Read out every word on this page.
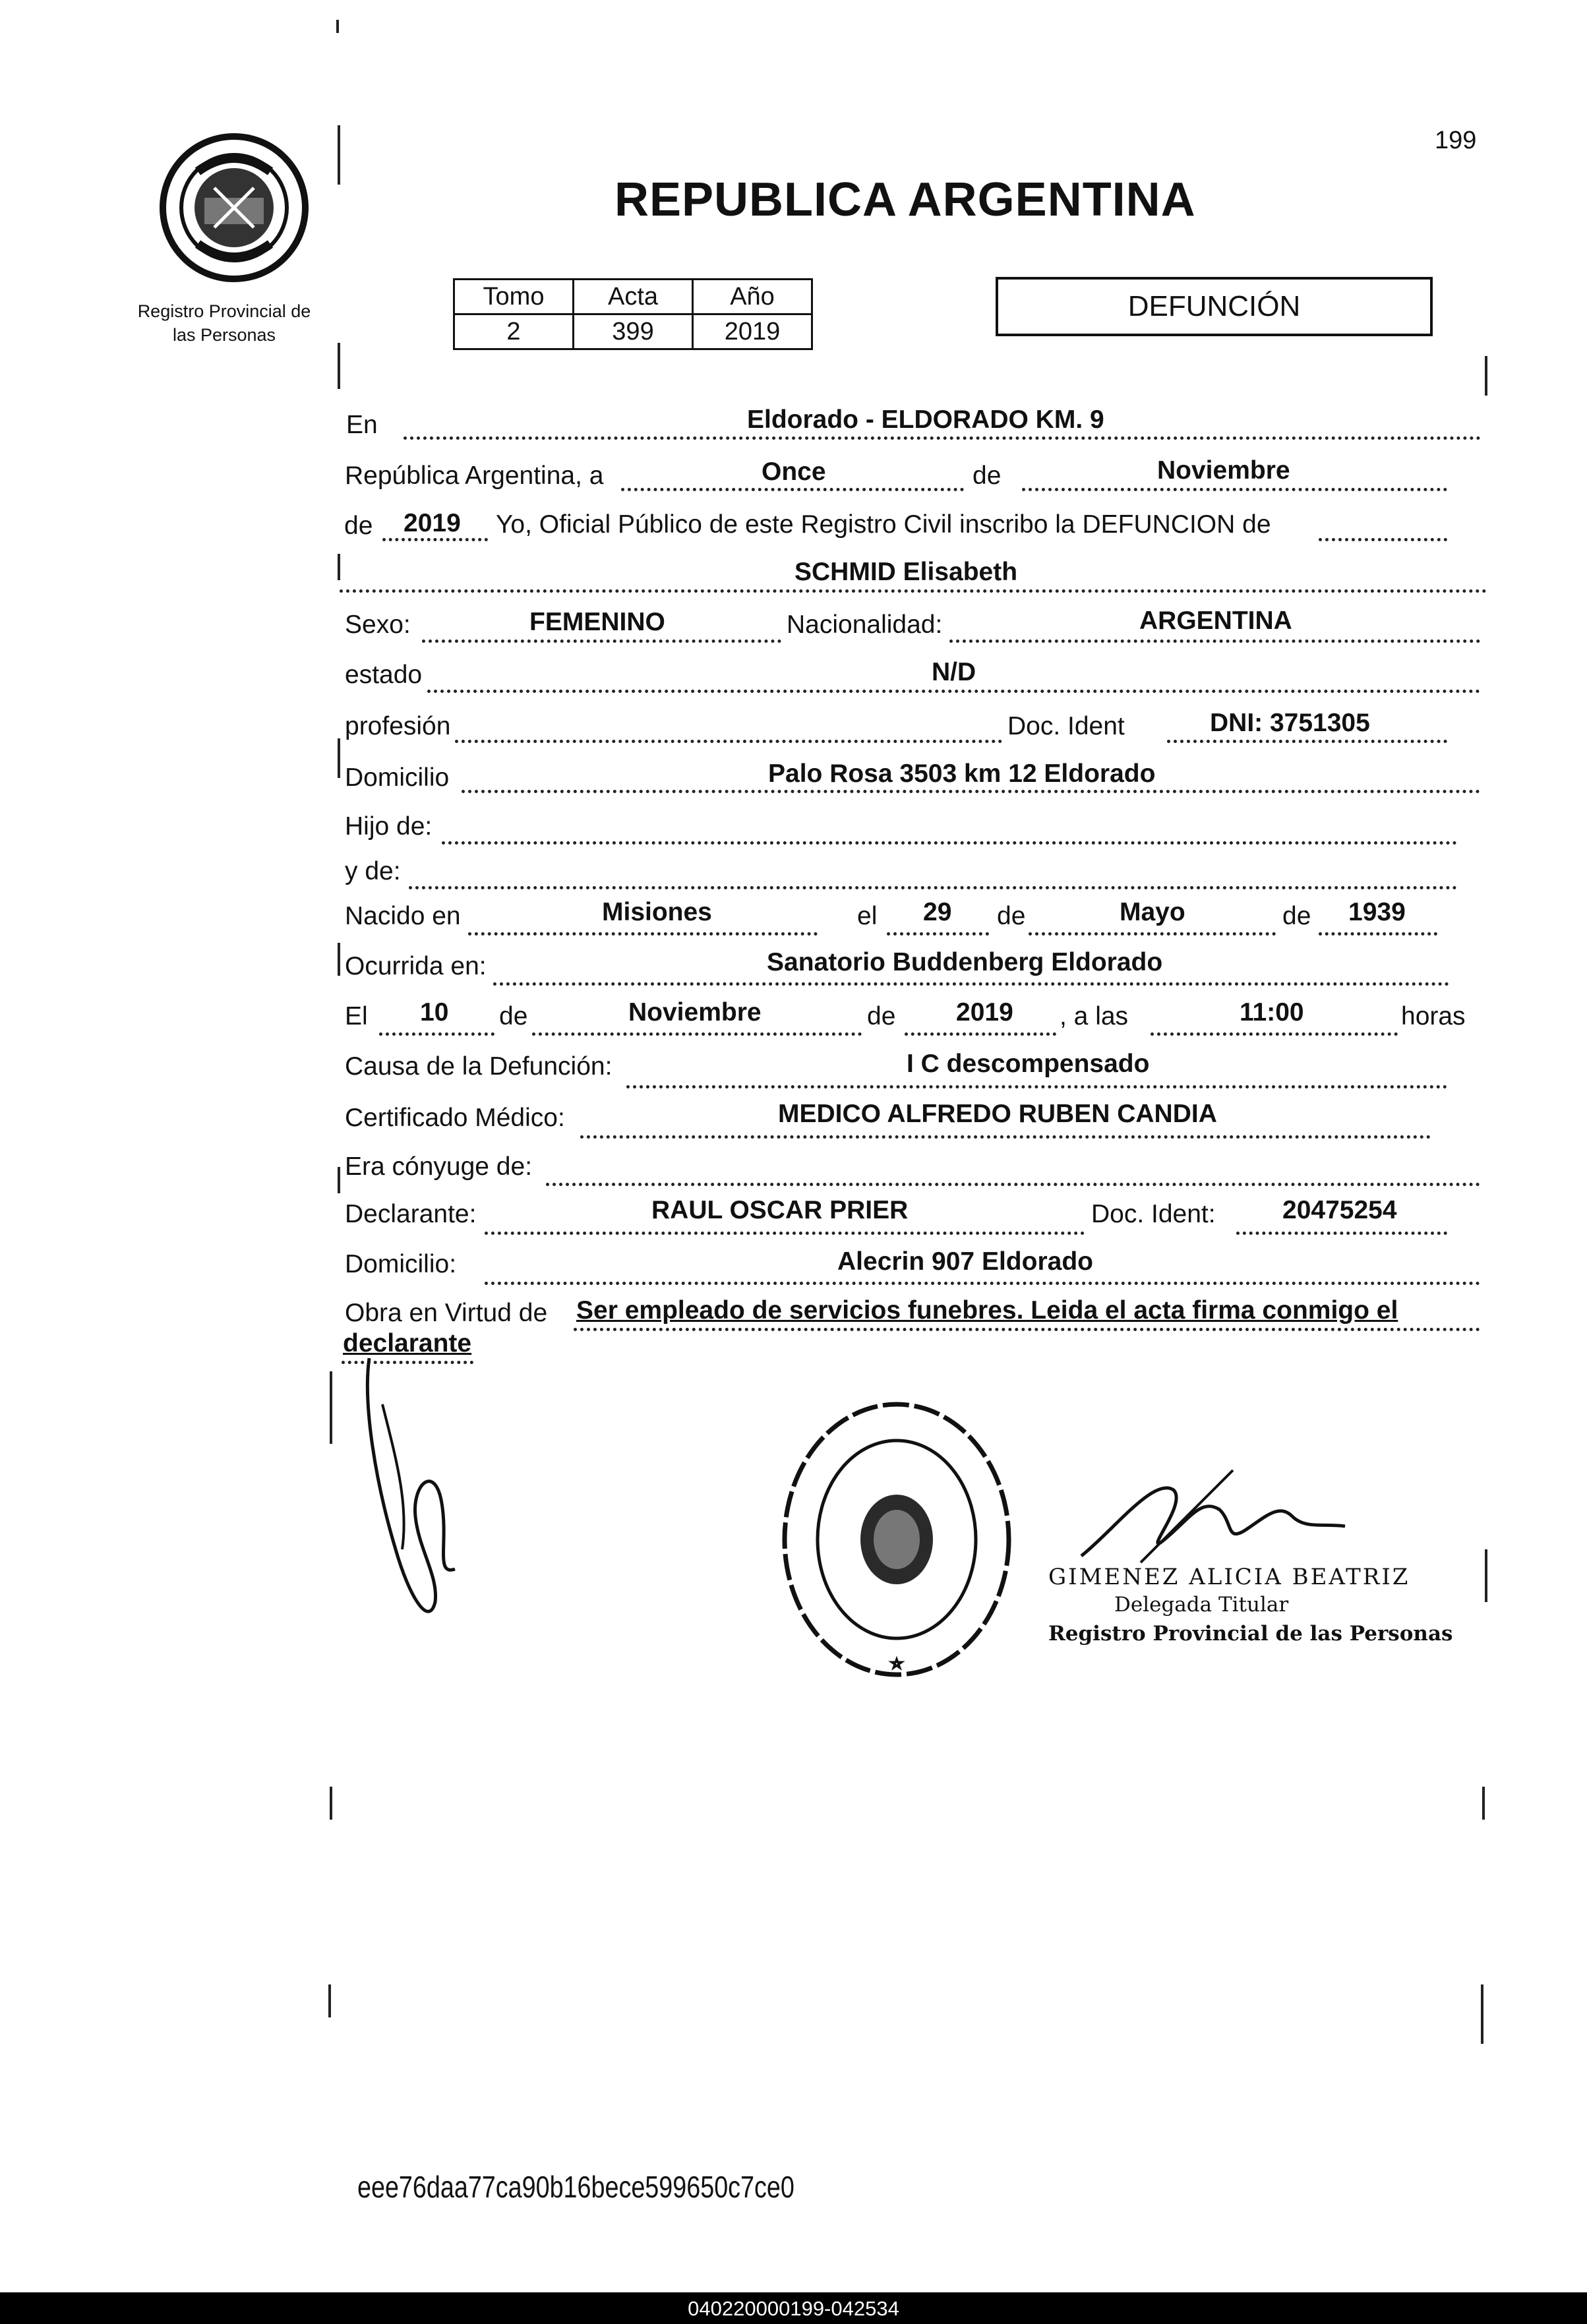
199
Registro Provincial de
las Personas
REPUBLICA ARGENTINA
Tomo	Acta	Año
2	399	2019
DEFUNCIÓN
En	Eldorado - ELDORADO KM. 9
República Argentina, a	Once	de	Noviembre
de 2019 Yo, Oficial Público de este Registro Civil inscribo la DEFUNCION de
SCHMID Elisabeth
Sexo:	FEMENINO	Nacionalidad:	ARGENTINA
estado	N/D
profesión	Doc. Ident	DNI: 3751305
Domicilio	Palo Rosa 3503 km 12 Eldorado
Hijo de:
y de:
Nacido en	Misiones	el 29 de	Mayo	de 1939
Ocurrida en:	Sanatorio Buddenberg Eldorado
El 10 de	Noviembre	de 2019 , a las	11:00	horas
Causa de la Defunción:	I C descompensado
Certificado Médico:	MEDICO ALFREDO RUBEN CANDIA
Era cónyuge de:
Declarante:	RAUL OSCAR PRIER	Doc. Ident:	20475254
Domicilio:	Alecrin 907 Eldorado
Obra en Virtud de Ser empleado de servicios funebres. Leida el acta firma conmigo el
declarante
GIMENEZ ALICIA BEATRIZ
Delegada Titular
Registro Provincial de las Personas
eee76daa77ca90b16bece599650c7ce0
040220000199-042534
